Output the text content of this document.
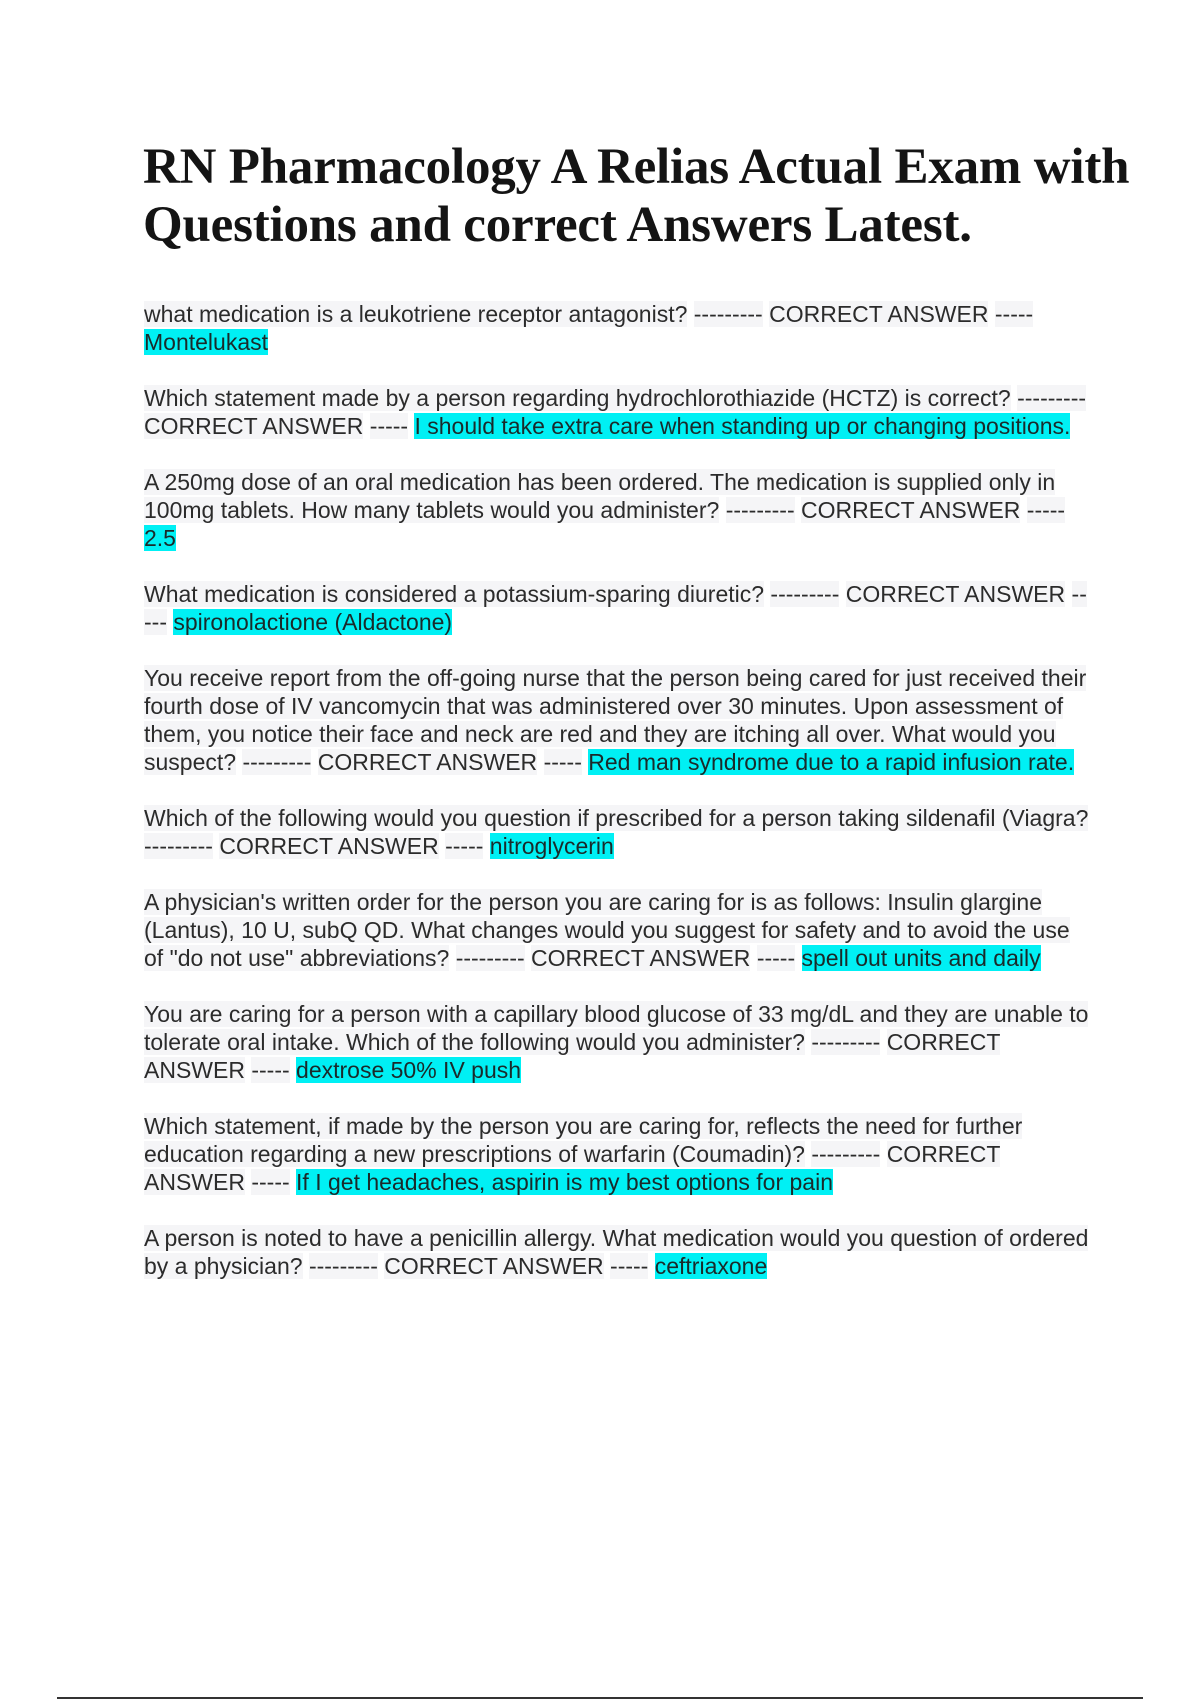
RN Pharmacology A Relias Actual Exam with Questions and correct Answers Latest.

what medication is a leukotriene receptor antagonist? --------- CORRECT ANSWER ----- Montelukast

Which statement made by a person regarding hydrochlorothiazide (HCTZ) is correct? --------- CORRECT ANSWER ----- I should take extra care when standing up or changing positions.

A 250mg dose of an oral medication has been ordered. The medication is supplied only in 100mg tablets. How many tablets would you administer? --------- CORRECT ANSWER ----- 2.5

What medication is considered a potassium-sparing diuretic? --------- CORRECT ANSWER ----- spironolactione (Aldactone)

You receive report from the off-going nurse that the person being cared for just received their fourth dose of IV vancomycin that was administered over 30 minutes. Upon assessment of them, you notice their face and neck are red and they are itching all over. What would you suspect? --------- CORRECT ANSWER ----- Red man syndrome due to a rapid infusion rate.

Which of the following would you question if prescribed for a person taking sildenafil (Viagra? --------- CORRECT ANSWER ----- nitroglycerin

A physician's written order for the person you are caring for is as follows: Insulin glargine (Lantus), 10 U, subQ QD. What changes would you suggest for safety and to avoid the use of "do not use" abbreviations? --------- CORRECT ANSWER ----- spell out units and daily

You are caring for a person with a capillary blood glucose of 33 mg/dL and they are unable to tolerate oral intake. Which of the following would you administer? --------- CORRECT ANSWER ----- dextrose 50% IV push

Which statement, if made by the person you are caring for, reflects the need for further education regarding a new prescriptions of warfarin (Coumadin)? --------- CORRECT ANSWER ----- If I get headaches, aspirin is my best options for pain

A person is noted to have a penicillin allergy. What medication would you question of ordered by a physician? --------- CORRECT ANSWER ----- ceftriaxone
